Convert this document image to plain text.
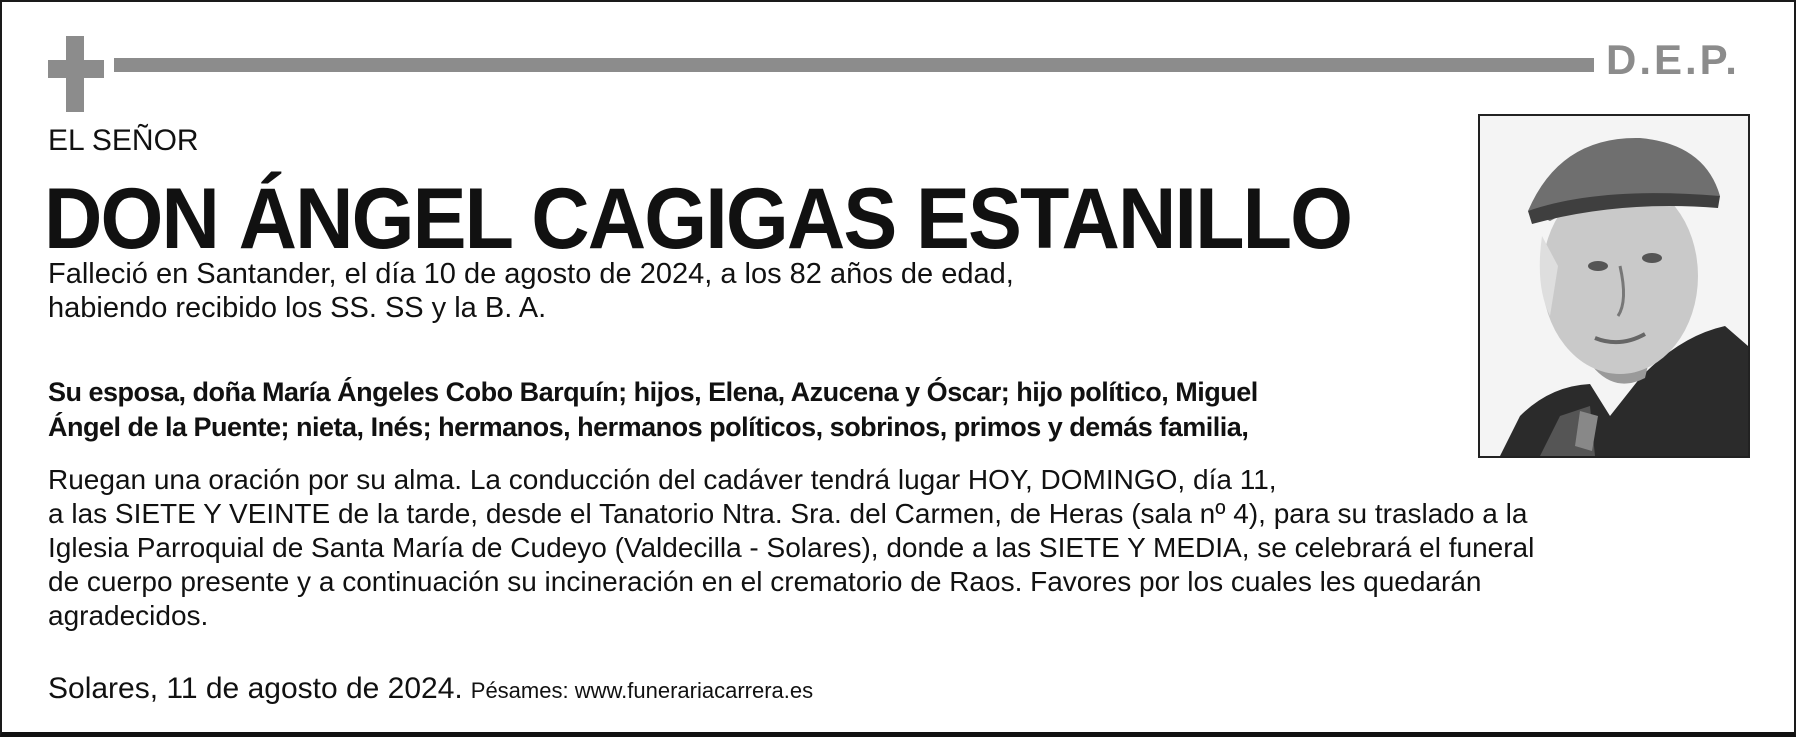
D.E.P.
EL SEÑOR
DON ÁNGEL CAGIGAS ESTANILLO
Falleció en Santander, el día 10 de agosto de 2024, a los 82 años de edad,
habiendo recibido los SS. SS y la B. A.
Su esposa, doña María Ángeles Cobo Barquín; hijos, Elena, Azucena y Óscar; hijo político, Miguel
Ángel de la Puente; nieta, Inés; hermanos, hermanos políticos, sobrinos, primos y demás familia,
Ruegan una oración por su alma. La conducción del cadáver tendrá lugar HOY, DOMINGO, día 11,
a las SIETE Y VEINTE de la tarde, desde el Tanatorio Ntra. Sra. del Carmen, de Heras (sala nº 4), para su traslado a la
Iglesia Parroquial de Santa María de Cudeyo (Valdecilla - Solares), donde a las SIETE Y MEDIA, se celebrará el funeral
de cuerpo presente y a continuación su incineración en el crematorio de Raos. Favores por los cuales les quedarán
agradecidos.
Solares, 11 de agosto de 2024. Pésames: www.funerariacarrera.es
